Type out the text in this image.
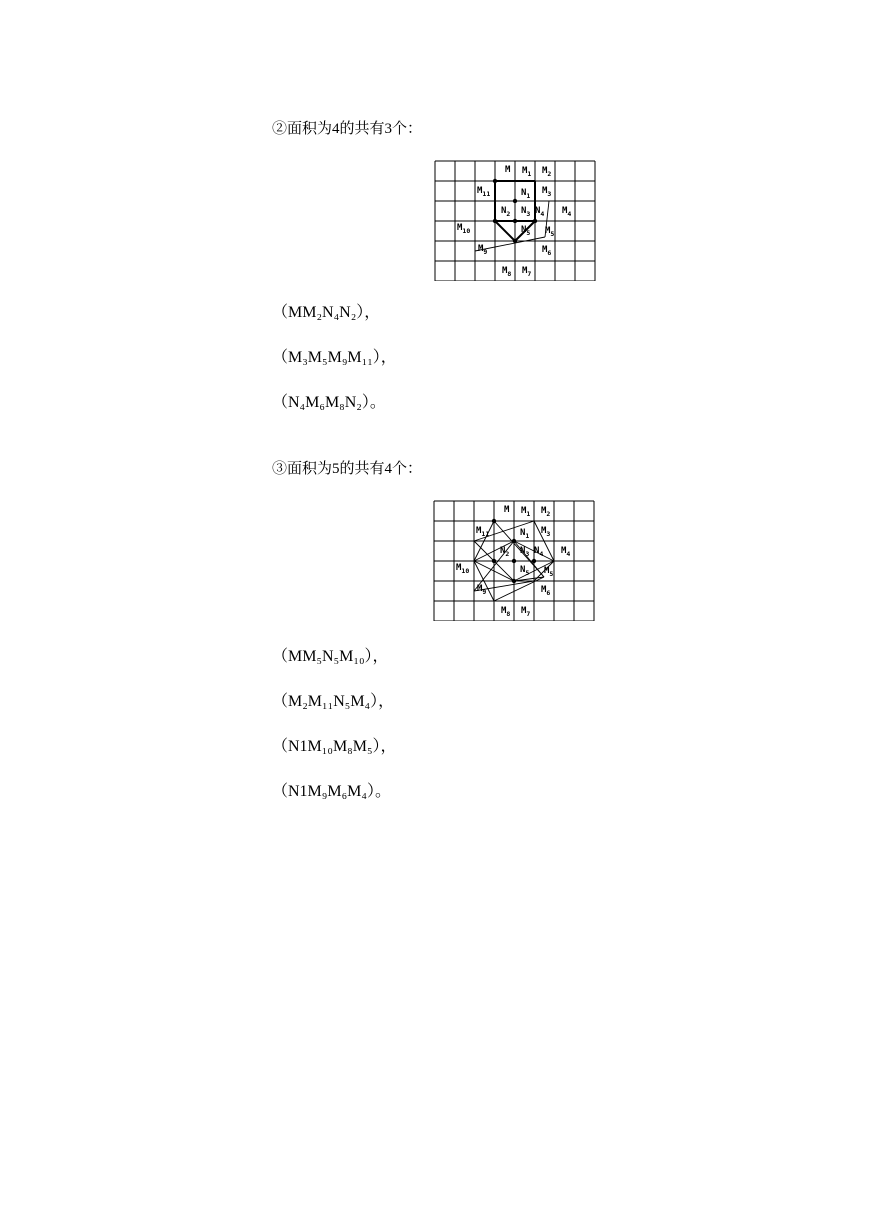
②面积为4的共有3个：
M $M_1$ $M_2$
$M_3$
$M_4$
$M_5$
$M_6$
$M_7$
$M_8$
$M_9$
$M_{10}$
$M_{11}$	$N_1$
$N_2$ $N_3$ $N_4$
$N_5$
（MM₂N₄N₂），
（M₃M₅M₉M₁₁），
（N₄M₆M₈N₂）。
③面积为5的共有4个：
M $M_1$ $M_2$
$M_3$
$M_4$
$M_5$
$M_6$
$M_7$
$M_8$
$M_9$
$M_{10}$
$M_{11}$	$N_1$
$N_2$ $N_3$ $N_4$
$N_5$
（MM₅N₅M₁₀），
（M₂M₁₁N₅M₄），
（N1M₁₀M₈M₅），
（N1M₉M₆M₄）。
